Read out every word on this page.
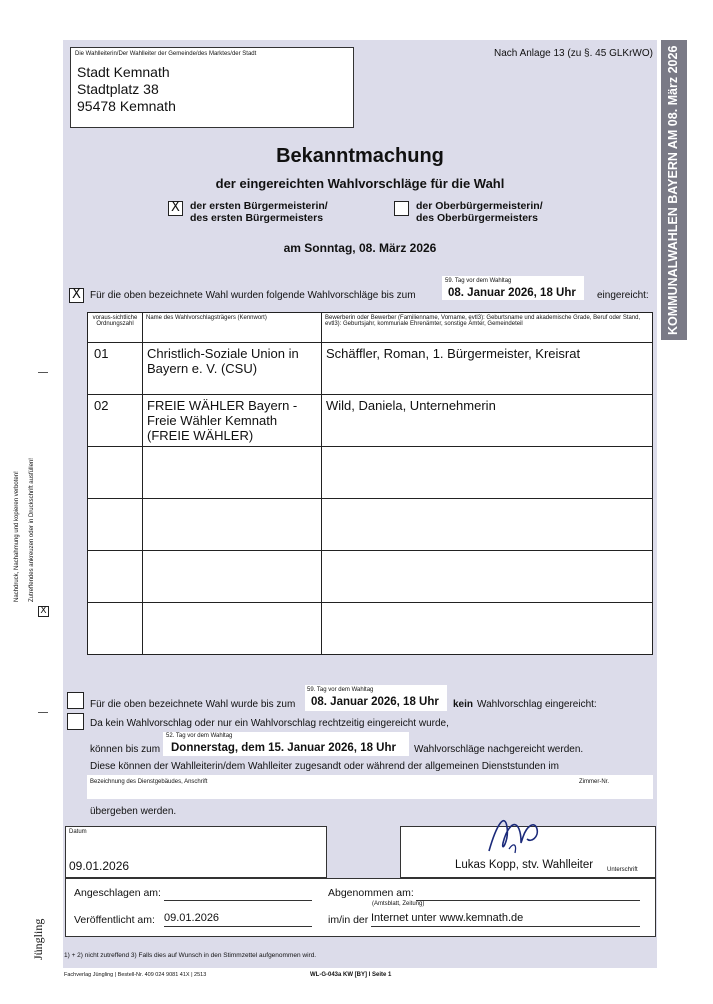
KOMMUNALWAHLEN BAYERN AM 08. März 2026
Nachdruck, Nachahmung und kopieren verboten! Zutreffendes ankreuzen oder in Druckschrift ausfüllen!
X
Die Wahlleiterin/Der Wahlleiter der Gemeinde/des Marktes/der Stadt
Stadt Kemnath
Stadtplatz 38
95478 Kemnath
Nach Anlage 13 (zu §. 45 GLKrWO)
Bekanntmachung
der eingereichten Wahlvorschläge für die Wahl
X der ersten Bürgermeisterin/
des ersten Bürgermeisters
der Oberbürgermeisterin/
des Oberbürgermeisters
am Sonntag, 08. März 2026
X Für die oben bezeichnete Wahl wurden folgende Wahlvorschläge bis zum
59. Tag vor dem Wahltag
08. Januar 2026, 18 Uhr eingereicht:
voraus-sichtliche Ordnungszahl	Name des Wahlvorschlagsträgers (Kennwort)	Bewerberin oder Bewerber (Familienname, Vorname, evtl3): Geburtsname und akademische Grade, Beruf oder Stand, evtl3): Geburtsjahr, kommunale Ehrenämter, sonstige Ämter, Gemeindeteil
01	Christlich-Soziale Union in Bayern e. V. (CSU)	Schäffler, Roman, 1. Bürgermeister, Kreisrat
02	FREIE WÄHLER Bayern - Freie Wähler Kemnath (FREIE WÄHLER)	Wild, Daniela, Unternehmerin

Für die oben bezeichnete Wahl wurde bis zum
59. Tag vor dem Wahltag
08. Januar 2026, 18 Uhr kein Wahlvorschlag eingereicht:
Da kein Wahlvorschlag oder nur ein Wahlvorschlag rechtzeitig eingereicht wurde,
können bis zum
52. Tag vor dem Wahltag
Donnerstag, dem 15. Januar 2026, 18 Uhr Wahlvorschläge nachgereicht werden.
Diese können der Wahlleiterin/dem Wahlleiter zugesandt oder während der allgemeinen Dienststunden im
Bezeichnung des Dienstgebäudes, Anschrift	Zimmer-Nr.
übergeben werden.
Datum
09.01.2026	Lukas Kopp, stv. Wahlleiter Unterschrift
Angeschlagen am:	Abgenommen am:
Veröffentlicht am: 09.01.2026	im/in der
(Amtsblatt, Zeitung)
Internet unter www.kemnath.de
1) + 2) nicht zutreffend 3) Falls dies auf Wunsch in den Stimmzettel aufgenommen wird.
Jüngling
Fachverlag Jüngling | Bestell-Nr. 409 024 9081 41X | 2513	WL-G-043a KW [BY] I Seite 1
